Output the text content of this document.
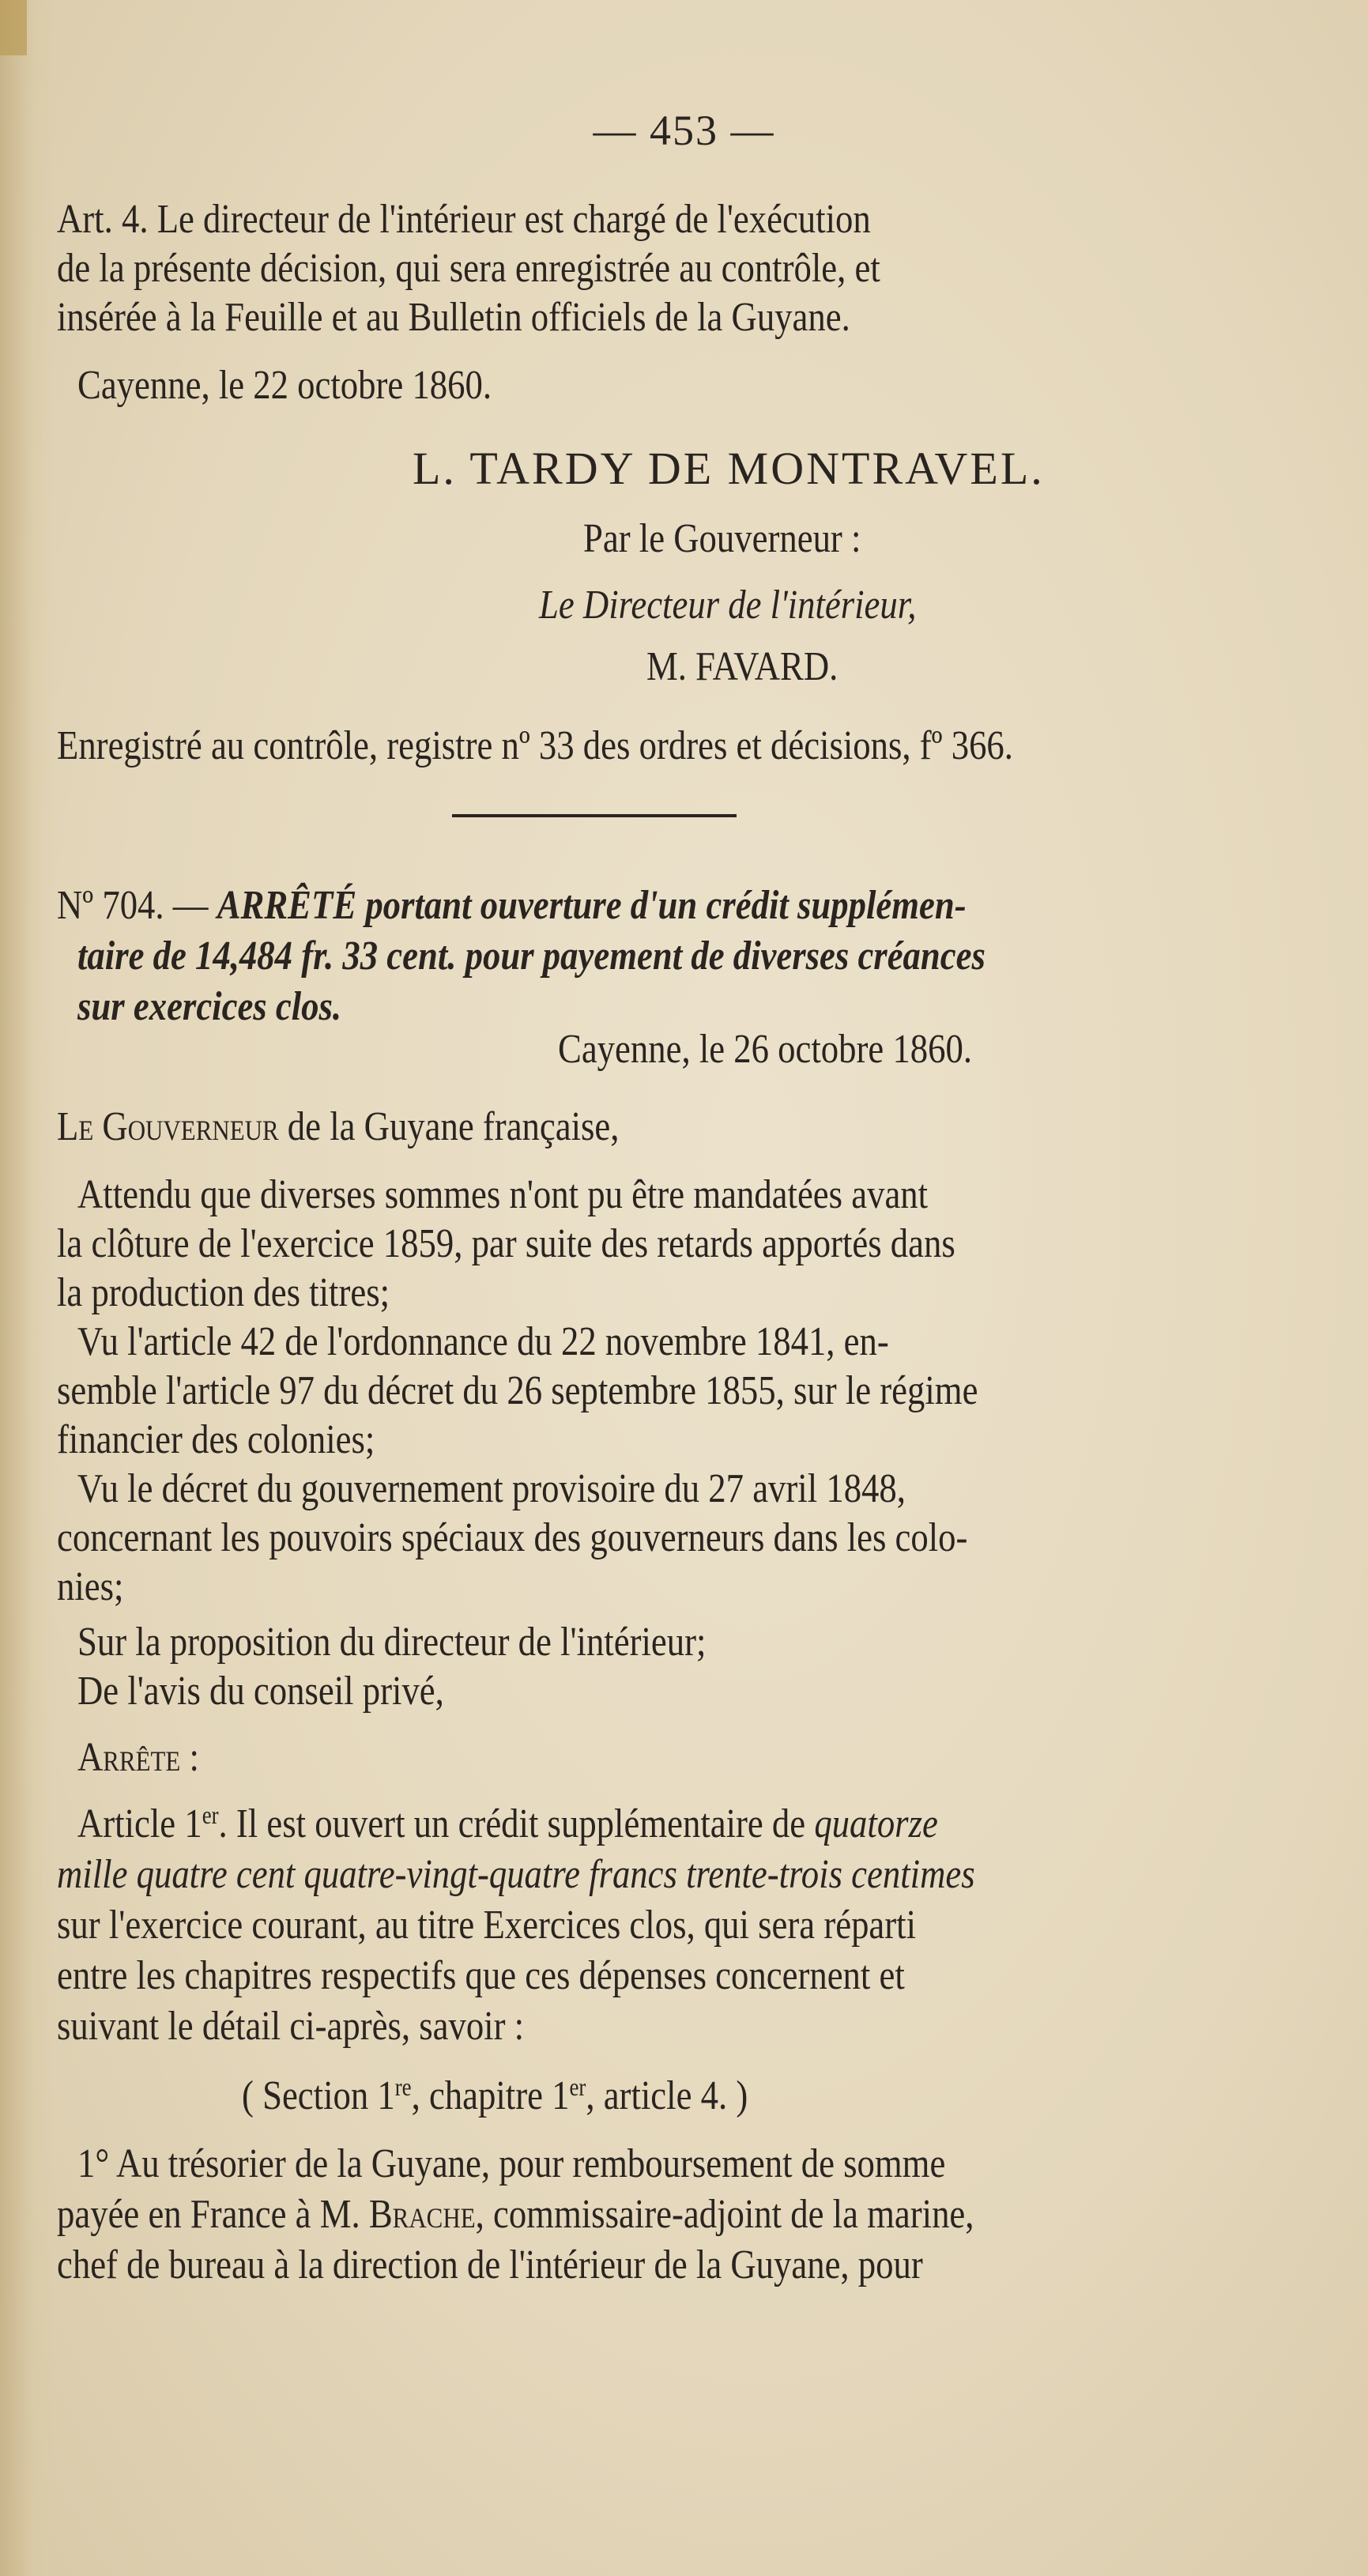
— 453 —
Art. 4. Le directeur de l'intérieur est chargé de l'exécution
de la présente décision, qui sera enregistrée au contrôle, et
insérée à la Feuille et au Bulletin officiels de la Guyane.
Cayenne, le 22 octobre 1860.
L. TARDY DE MONTRAVEL.
Par le Gouverneur :
Le Directeur de l'intérieur,
M. FAVARD.
Enregistré au contrôle, registre nº 33 des ordres et décisions, fº 366.
Nº 704. — ARRÊTÉ portant ouverture d'un crédit supplémen-
taire de 14,484 fr. 33 cent. pour payement de diverses créances
sur exercices clos.
Cayenne, le 26 octobre 1860.
Le Gouverneur de la Guyane française,
Attendu que diverses sommes n'ont pu être mandatées avant
la clôture de l'exercice 1859, par suite des retards apportés dans
la production des titres;
Vu l'article 42 de l'ordonnance du 22 novembre 1841, en-
semble l'article 97 du décret du 26 septembre 1855, sur le régime
financier des colonies;
Vu le décret du gouvernement provisoire du 27 avril 1848,
concernant les pouvoirs spéciaux des gouverneurs dans les colo-
nies;
Sur la proposition du directeur de l'intérieur;
De l'avis du conseil privé,
Arrête :
Article 1er. Il est ouvert un crédit supplémentaire de quatorze
mille quatre cent quatre-vingt-quatre francs trente-trois centimes
sur l'exercice courant, au titre Exercices clos, qui sera réparti
entre les chapitres respectifs que ces dépenses concernent et
suivant le détail ci-après, savoir :
( Section 1re, chapitre 1er, article 4. )
1° Au trésorier de la Guyane, pour remboursement de somme
payée en France à M. Brache, commissaire-adjoint de la marine,
chef de bureau à la direction de l'intérieur de la Guyane, pour
